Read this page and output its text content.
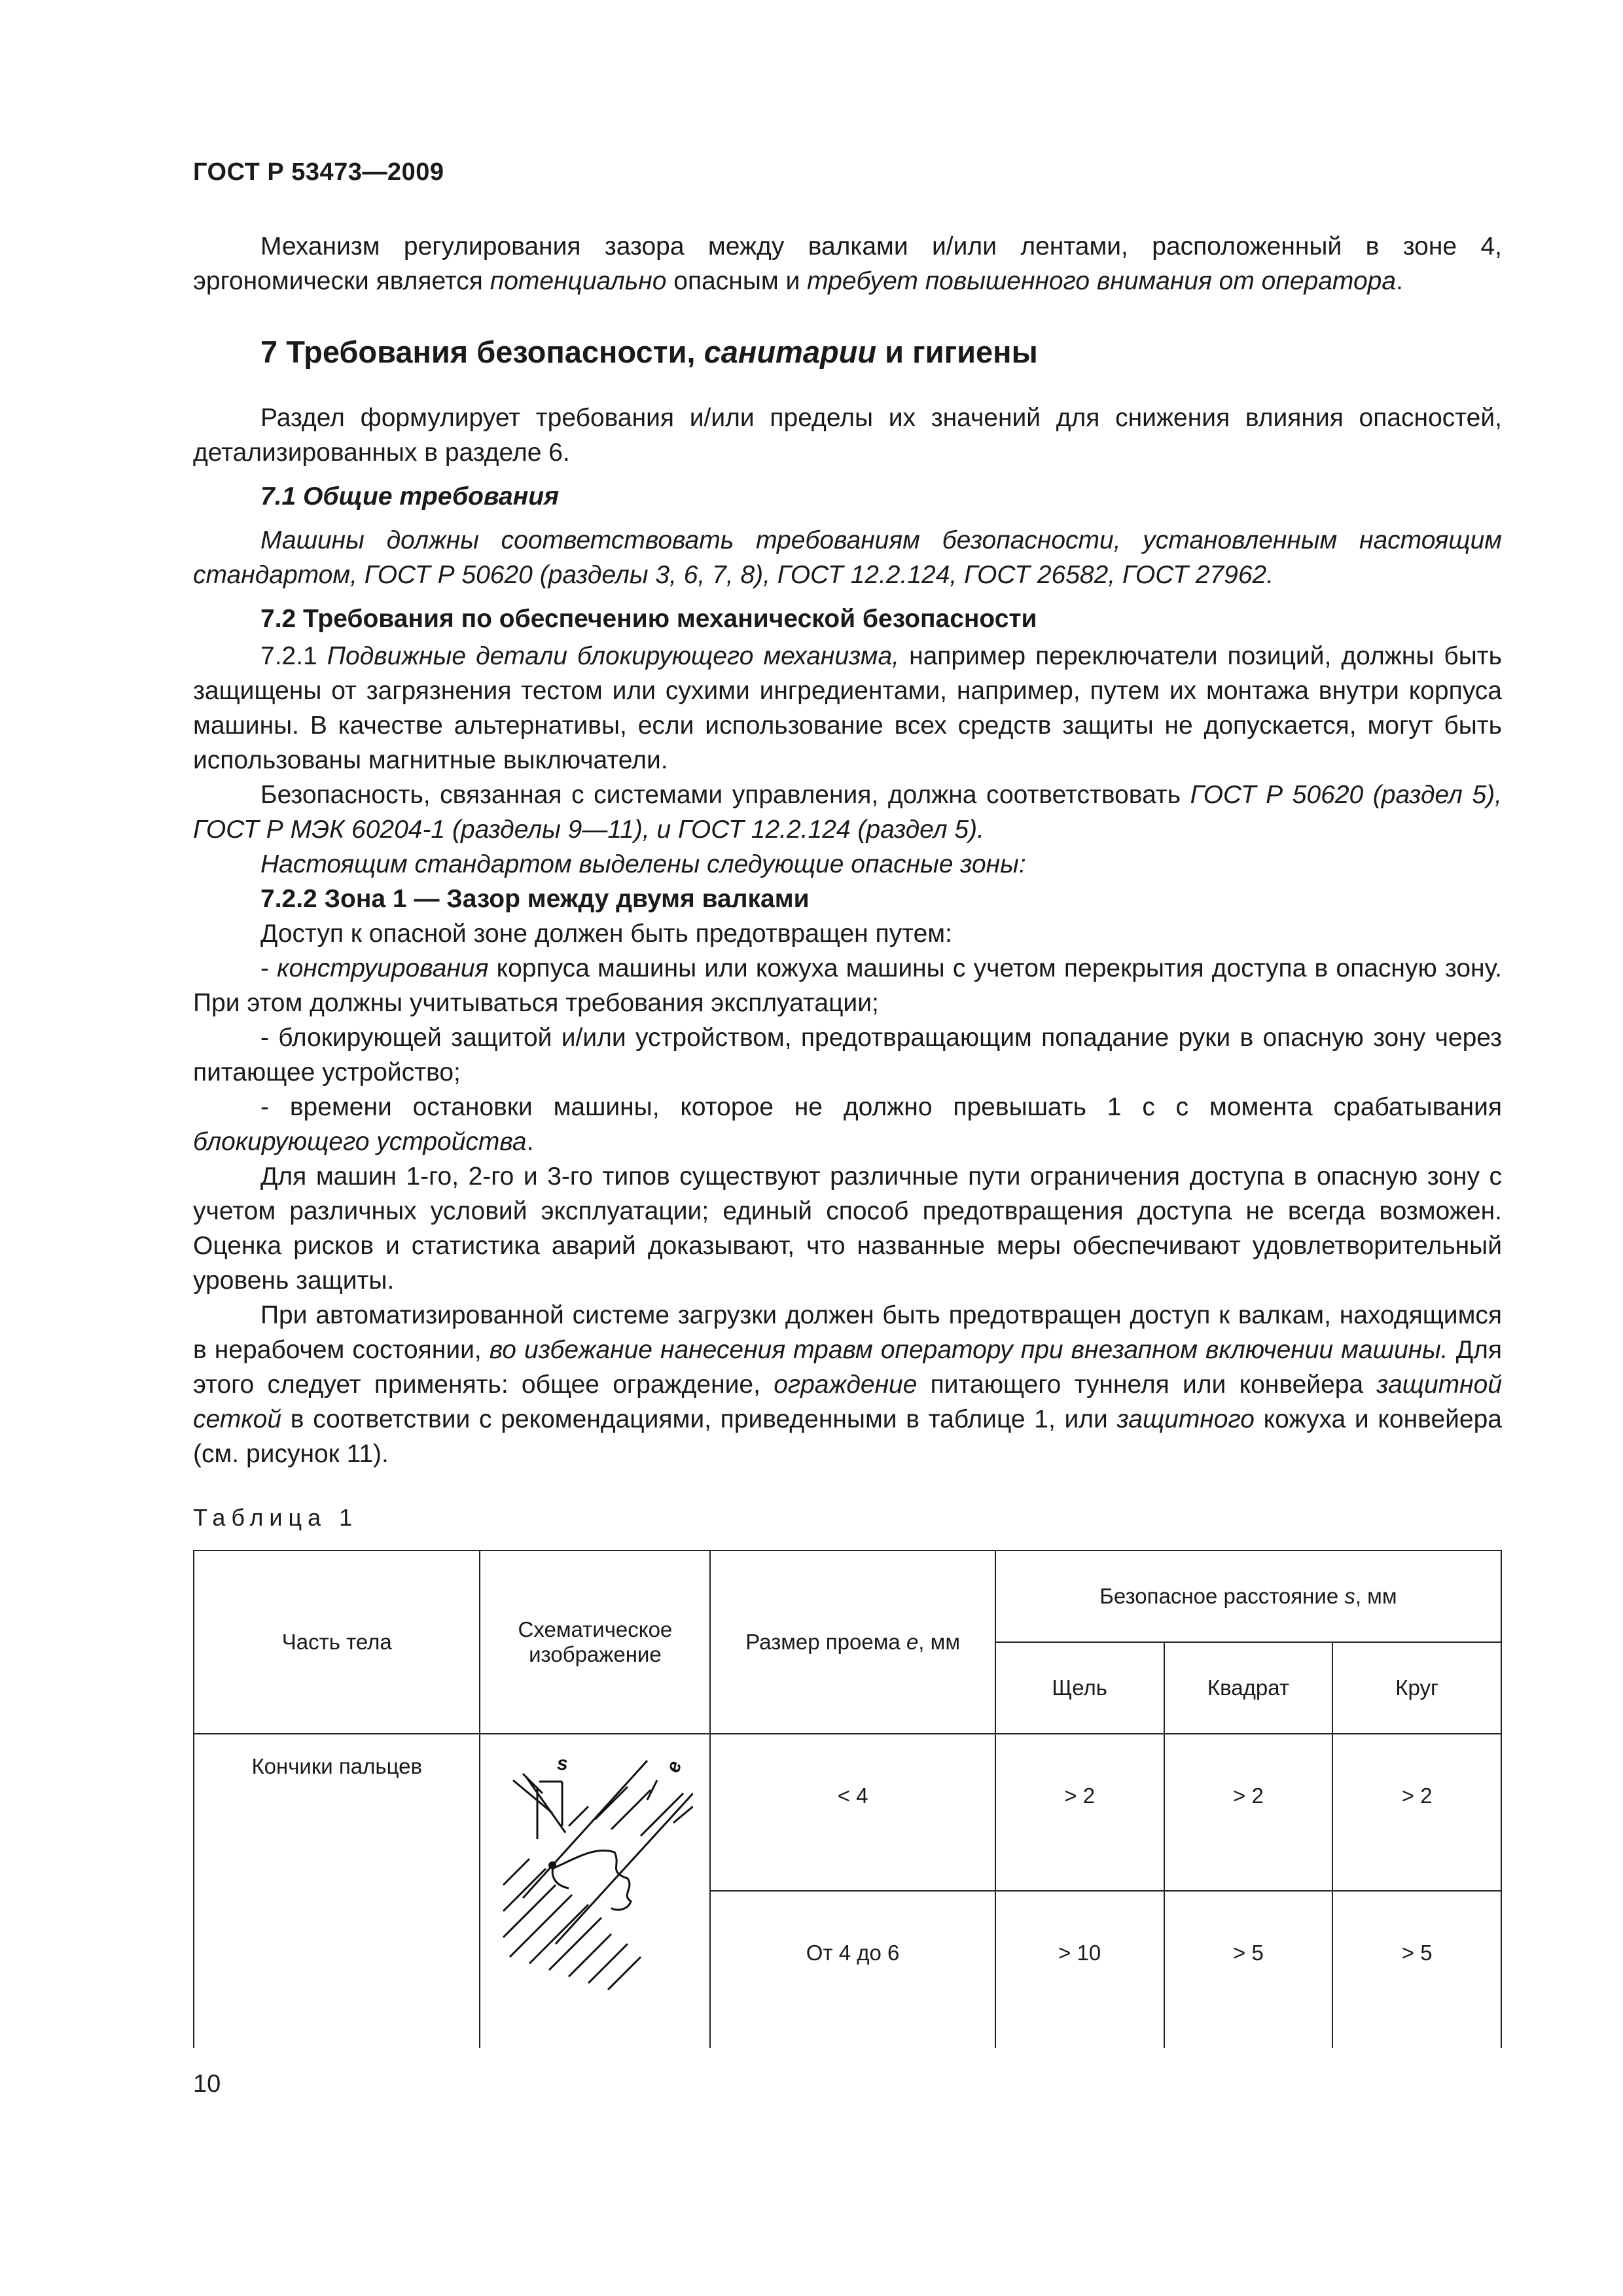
ГОСТ Р 53473—2009

Механизм регулирования зазора между валками и/или лентами, расположенный в зоне 4, эргономически является потенциально опасным и требует повышенного внимания от оператора.

7 Требования безопасности, санитарии и гигиены

Раздел формулирует требования и/или пределы их значений для снижения влияния опасностей, детализированных в разделе 6.

7.1 Общие требования

Машины должны соответствовать требованиям безопасности, установленным настоящим стандартом, ГОСТ Р 50620 (разделы 3, 6, 7, 8), ГОСТ 12.2.124, ГОСТ 26582, ГОСТ 27962.

7.2 Требования по обеспечению механической безопасности

7.2.1 Подвижные детали блокирующего механизма, например переключатели позиций, должны быть защищены от загрязнения тестом или сухими ингредиентами, например, путем их монтажа внутри корпуса машины. В качестве альтернативы, если использование всех средств защиты не допускается, могут быть использованы магнитные выключатели.

Безопасность, связанная с системами управления, должна соответствовать ГОСТ Р 50620 (раздел 5), ГОСТ Р МЭК 60204-1 (разделы 9—11), и ГОСТ 12.2.124 (раздел 5).

Настоящим стандартом выделены следующие опасные зоны:

7.2.2 Зона 1 — Зазор между двумя валками

Доступ к опасной зоне должен быть предотвращен путем:

- конструирования корпуса машины или кожуха машины с учетом перекрытия доступа в опасную зону. При этом должны учитываться требования эксплуатации;

- блокирующей защитой и/или устройством, предотвращающим попадание руки в опасную зону через питающее устройство;

- времени остановки машины, которое не должно превышать 1 с с момента срабатывания блокирующего устройства.

Для машин 1-го, 2-го и 3-го типов существуют различные пути ограничения доступа в опасную зону с учетом различных условий эксплуатации; единый способ предотвращения доступа не всегда возможен. Оценка рисков и статистика аварий доказывают, что названные меры обеспечивают удовлетворительный уровень защиты.

При автоматизированной системе загрузки должен быть предотвращен доступ к валкам, находящимся в нерабочем состоянии, во избежание нанесения травм оператору при внезапном включении машины. Для этого следует применять: общее ограждение, ограждение питающего туннеля или конвейера защитной сеткой в соответствии с рекомендациями, приведенными в таблице 1, или защитного кожуха и конвейера (см. рисунок 11).

Таблица 1
Часть тела	Схематическое изображение	Размер проема е, мм	Безопасное расстояние s, мм		
			Щель	Квадрат	Круг
Кончики пальцев	s e	< 4	> 2	> 2	> 2
		От 4 до 6	> 10	> 5	> 5
10
